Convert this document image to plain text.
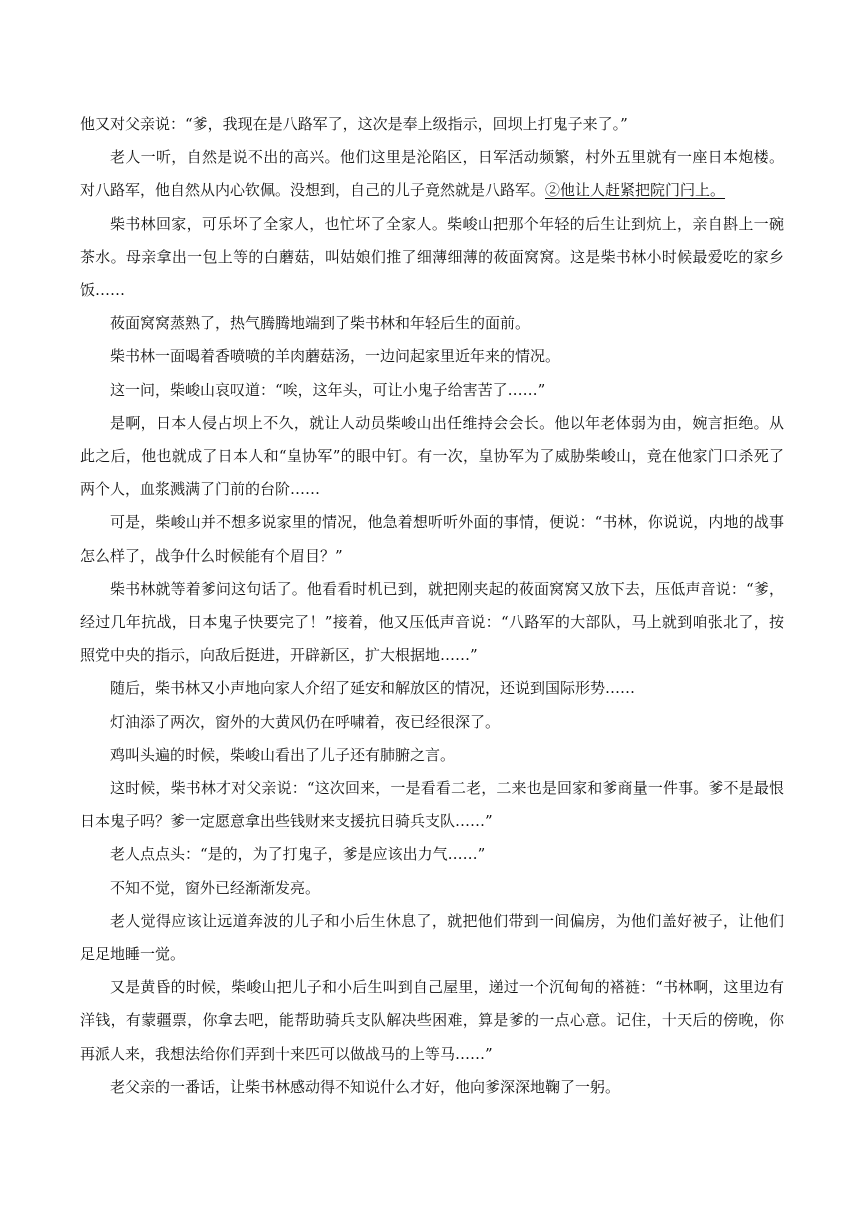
他又对父亲说：“爹，我现在是八路军了，这次是奉上级指示，回坝上打鬼子来了。”

老人一听，自然是说不出的高兴。他们这里是沦陷区，日军活动频繁，村外五里就有一座日本炮楼。对八路军，他自然从内心钦佩。没想到，自己的儿子竟然就是八路军。②他让人赶紧把院门闩上。

柴书林回家，可乐坏了全家人，也忙坏了全家人。柴峻山把那个年轻的后生让到炕上，亲自斟上一碗茶水。母亲拿出一包上等的白蘑菇，叫姑娘们推了细薄细薄的莜面窝窝。这是柴书林小时候最爱吃的家乡饭……

莜面窝窝蒸熟了，热气腾腾地端到了柴书林和年轻后生的面前。

柴书林一面喝着香喷喷的羊肉蘑菇汤，一边问起家里近年来的情况。

这一问，柴峻山哀叹道：“唉，这年头，可让小鬼子给害苦了……”

是啊，日本人侵占坝上不久，就让人动员柴峻山出任维持会会长。他以年老体弱为由，婉言拒绝。从此之后，他也就成了日本人和“皇协军”的眼中钉。有一次，皇协军为了威胁柴峻山，竟在他家门口杀死了两个人，血浆溅满了门前的台阶……

可是，柴峻山并不想多说家里的情况，他急着想听听外面的事情，便说：“书林，你说说，内地的战事怎么样了，战争什么时候能有个眉目？”

柴书林就等着爹问这句话了。他看看时机已到，就把刚夹起的莜面窝窝又放下去，压低声音说：“爹，经过几年抗战，日本鬼子快要完了！”接着，他又压低声音说：“八路军的大部队，马上就到咱张北了，按照党中央的指示，向敌后挺进，开辟新区，扩大根据地……”

随后，柴书林又小声地向家人介绍了延安和解放区的情况，还说到国际形势……

灯油添了两次，窗外的大黄风仍在呼啸着，夜已经很深了。

鸡叫头遍的时候，柴峻山看出了儿子还有肺腑之言。

这时候，柴书林才对父亲说：“这次回来，一是看看二老，二来也是回家和爹商量一件事。爹不是最恨日本鬼子吗？爹一定愿意拿出些钱财来支援抗日骑兵支队……”

老人点点头：“是的，为了打鬼子，爹是应该出力气……”

不知不觉，窗外已经渐渐发亮。

老人觉得应该让远道奔波的儿子和小后生休息了，就把他们带到一间偏房，为他们盖好被子，让他们足足地睡一觉。

又是黄昏的时候，柴峻山把儿子和小后生叫到自己屋里，递过一个沉甸甸的褡裢：“书林啊，这里边有洋钱，有蒙疆票，你拿去吧，能帮助骑兵支队解决些困难，算是爹的一点心意。记住，十天后的傍晚，你再派人来，我想法给你们弄到十来匹可以做战马的上等马……”

老父亲的一番话，让柴书林感动得不知说什么才好，他向爹深深地鞠了一躬。
